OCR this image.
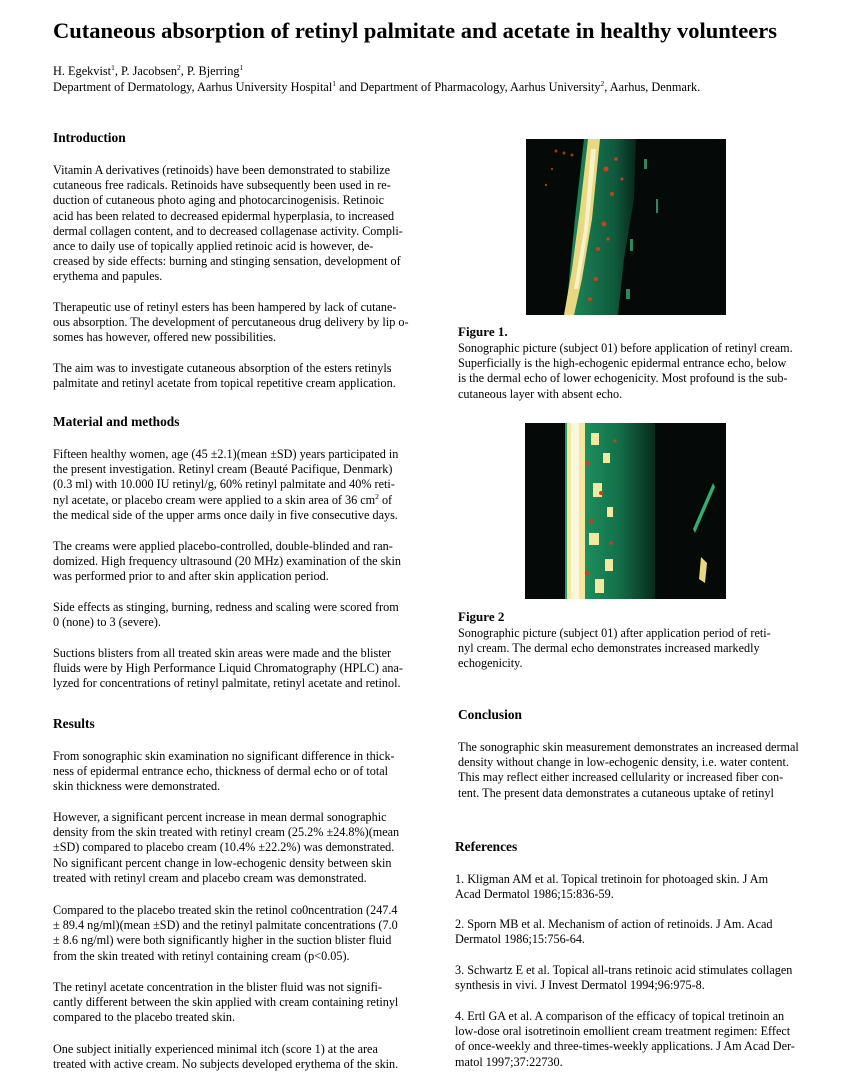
Cutaneous absorption of retinyl palmitate and acetate in healthy volunteers
H. Egekvist$^1$, P. Jacobsen$^2$, P. Bjerring$^1$
Department of Dermatology, Aarhus University Hospital$^1$ and Department of Pharmacology, Aarhus University$^2$, Aarhus, Denmark.
Introduction

Vitamin A derivatives (retinoids) have been demonstrated to stabilize
cutaneous free radicals. Retinoids have subsequently been used in re-
duction of cutaneous photo aging and photocarcinogenisis. Retinoic
acid has been related to decreased epidermal hyperplasia, to increased
dermal collagen content, and to decreased collagenase activity. Compli-
ance to daily use of topically applied retinoic acid is however, de-
creased by side effects: burning and stinging sensation, development of
erythema and papules.

Therapeutic use of retinyl esters has been hampered by lack of cutane-
ous absorption. The development of percutaneous drug delivery by lip o-
somes has however, offered new possibilities.

The aim was to investigate cutaneous absorption of the esters retinyls
palmitate and retinyl acetate from topical repetitive cream application.

Material and methods

Fifteen healthy women, age (45 ±2.1)(mean ±SD) years participated in
the present investigation. Retinyl cream (Beauté Pacifique, Denmark)
(0.3 ml) with 10.000 IU retinyl/g, 60% retinyl palmitate and 40% reti-
nyl acetate, or placebo cream were applied to a skin area of 36 $cm^2$ of
the medical side of the upper arms once daily in five consecutive days.

The creams were applied placebo-controlled, double-blinded and ran-
domized. High frequency ultrasound (20 MHz) examination of the skin
was performed prior to and after skin application period.

Side effects as stinging, burning, redness and scaling were scored from
0 (none) to 3 (severe).

Suctions blisters from all treated skin areas were made and the blister
fluids were by High Performance Liquid Chromatography (HPLC) ana-
lyzed for concentrations of retinyl palmitate, retinyl acetate and retinol.

Results

From sonographic skin examination no significant difference in thick-
ness of epidermal entrance echo, thickness of dermal echo or of total
skin thickness were demonstrated.

However, a significant percent increase in mean dermal sonographic
density from the skin treated with retinyl cream (25.2% ±24.8%)(mean
±SD) compared to placebo cream (10.4% ±22.2%) was demonstrated.
No significant percent change in low-echogenic density between skin
treated with retinyl cream and placebo cream was demonstrated.

Compared to the placebo treated skin the retinol co0ncentration (247.4
± 89.4 ng/ml)(mean ±SD) and the retinyl palmitate concentrations (7.0
± 8.6 ng/ml) were both significantly higher in the suction blister fluid
from the skin treated with retinyl containing cream (p<0.05).

The retinyl acetate concentration in the blister fluid was not signifi-
cantly different between the skin applied with cream containing retinyl
compared to the placebo treated skin.

One subject initially experienced minimal itch (score 1) at the area
treated with active cream. No subjects developed erythema of the skin.

Figure 1.

Sonographic picture (subject 01) before application of retinyl cream.
Superficially is the high-echogenic epidermal entrance echo, below
is the dermal echo of lower echogenicity. Most profound is the sub-
cutaneous layer with absent echo.

Figure 2

Sonographic picture (subject 01) after application period of reti-
nyl cream. The dermal echo demonstrates increased markedly
echogenicity.

Conclusion

The sonographic skin measurement demonstrates an increased dermal
density without change in low-echogenic density, i.e. water content.
This may reflect either increased cellularity or increased fiber con-
tent. The present data demonstrates a cutaneous uptake of retinyl

References

1. Kligman AM et al. Topical tretinoin for photoaged skin. J Am
Acad Dermatol 1986;15:836-59.

2. Sporn MB et al. Mechanism of action of retinoids. J Am. Acad
Dermatol 1986;15:756-64.

3. Schwartz E et al. Topical all-trans retinoic acid stimulates collagen
synthesis in vivi. J Invest Dermatol 1994;96:975-8.

4. Ertl GA et al. A comparison of the efficacy of topical tretinoin an
low-dose oral isotretinoin emollient cream treatment regimen: Effect
of once-weekly and three-times-weekly applications. J Am Acad Der-
matol 1997;37:22730.
